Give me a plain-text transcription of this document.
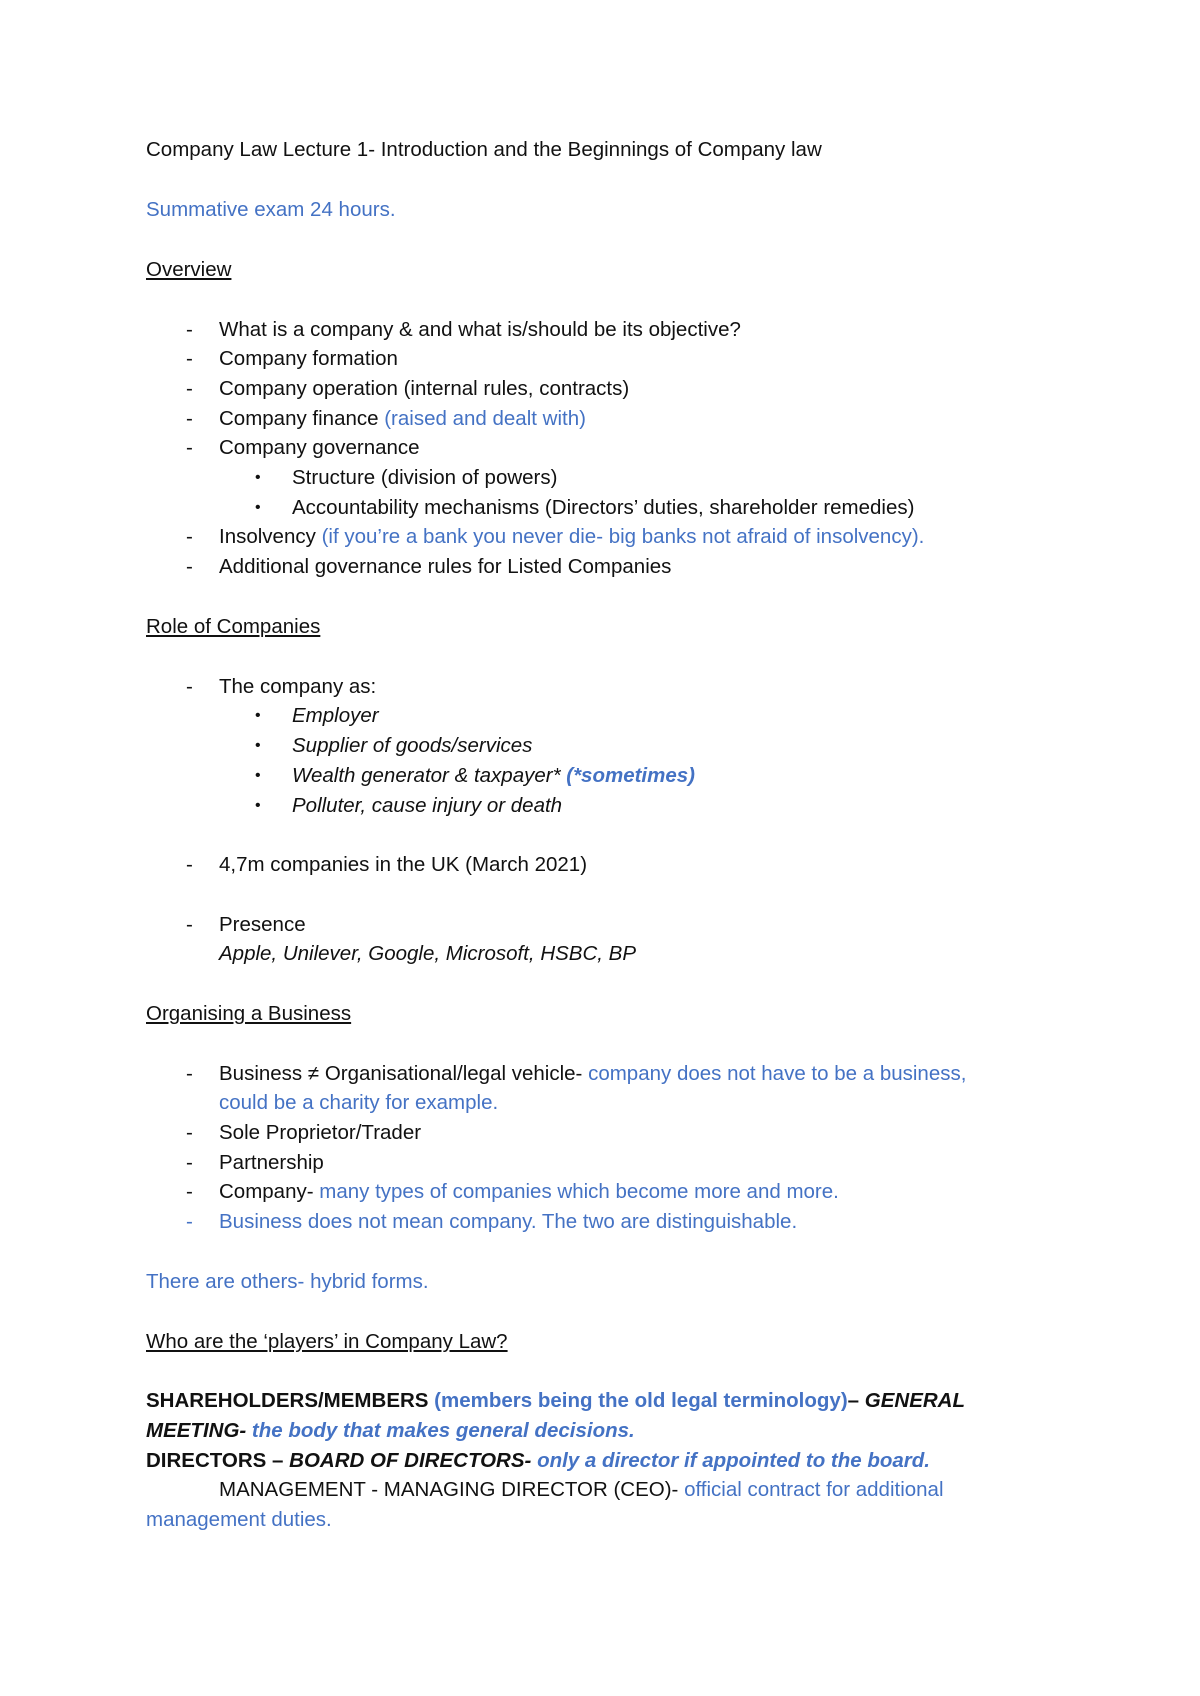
Company Law Lecture 1- Introduction and the Beginnings of Company law
Summative exam 24 hours.
Overview
- What is a company & and what is/should be its objective?
- Company formation
- Company operation (internal rules, contracts)
- Company finance (raised and dealt with)
- Company governance
• Structure (division of powers)
• Accountability mechanisms (Directors’ duties, shareholder remedies)
- Insolvency (if you’re a bank you never die- big banks not afraid of insolvency).
- Additional governance rules for Listed Companies
Role of Companies
- The company as:
• Employer
• Supplier of goods/services
• Wealth generator & taxpayer* (*sometimes)
• Polluter, cause injury or death
- 4,7m companies in the UK (March 2021)
- Presence
Apple, Unilever, Google, Microsoft, HSBC, BP
Organising a Business
- Business ≠ Organisational/legal vehicle- company does not have to be a business,
could be a charity for example.
- Sole Proprietor/Trader
- Partnership
- Company- many types of companies which become more and more.
- Business does not mean company. The two are distinguishable.
There are others- hybrid forms.
Who are the ‘players’ in Company Law?
SHAREHOLDERS/MEMBERS (members being the old legal terminology)– GENERAL
MEETING- the body that makes general decisions.
DIRECTORS – BOARD OF DIRECTORS- only a director if appointed to the board.
MANAGEMENT - MANAGING DIRECTOR (CEO)- official contract for additional
management duties.
